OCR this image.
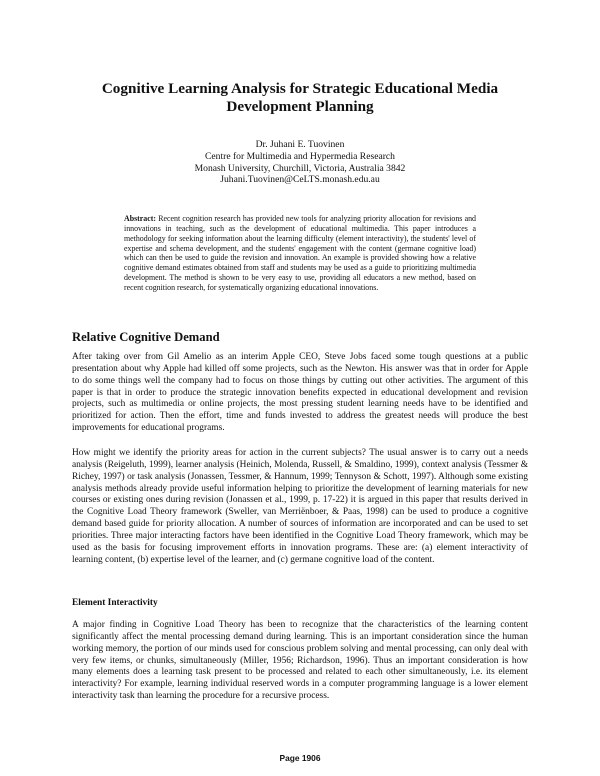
Cognitive Learning Analysis for Strategic Educational Media Development Planning
Dr. Juhani E. Tuovinen
Centre for Multimedia and Hypermedia Research
Monash University, Churchill, Victoria, Australia 3842
Juhani.Tuovinen@CeLTS.monash.edu.au

Abstract: Recent cognition research has provided new tools for analyzing priority allocation for revisions and innovations in teaching, such as the development of educational multimedia. This paper introduces a methodology for seeking information about the learning difficulty (element interactivity), the students' level of expertise and schema development, and the students' engagement with the content (germane cognitive load) which can then be used to guide the revision and innovation. An example is provided showing how a relative cognitive demand estimates obtained from staff and students may be used as a guide to prioritizing multimedia development. The method is shown to be very easy to use, providing all educators a new method, based on recent cognition research, for systematically organizing educational innovations.

Relative Cognitive Demand

After taking over from Gil Amelio as an interim Apple CEO, Steve Jobs faced some tough questions at a public presentation about why Apple had killed off some projects, such as the Newton. His answer was that in order for Apple to do some things well the company had to focus on those things by cutting out other activities. The argument of this paper is that in order to produce the strategic innovation benefits expected in educational development and revision projects, such as multimedia or online projects, the most pressing student learning needs have to be identified and prioritized for action. Then the effort, time and funds invested to address the greatest needs will produce the best improvements for educational programs.

How might we identify the priority areas for action in the current subjects? The usual answer is to carry out a needs analysis (Reigeluth, 1999), learner analysis (Heinich, Molenda, Russell, & Smaldino, 1999), context analysis (Tessmer & Richey, 1997) or task analysis (Jonassen, Tessmer, & Hannum, 1999; Tennyson & Schott, 1997). Although some existing analysis methods already provide useful information helping to prioritize the development of learning materials for new courses or existing ones during revision (Jonassen et al., 1999, p. 17-22) it is argued in this paper that results derived in the Cognitive Load Theory framework (Sweller, van Merriënboer, & Paas, 1998) can be used to produce a cognitive demand based guide for priority allocation. A number of sources of information are incorporated and can be used to set priorities. Three major interacting factors have been identified in the Cognitive Load Theory framework, which may be used as the basis for focusing improvement efforts in innovation programs. These are: (a) element interactivity of learning content, (b) expertise level of the learner, and (c) germane cognitive load of the content.

Element Interactivity

A major finding in Cognitive Load Theory has been to recognize that the characteristics of the learning content significantly affect the mental processing demand during learning. This is an important consideration since the human working memory, the portion of our minds used for conscious problem solving and mental processing, can only deal with very few items, or chunks, simultaneously (Miller, 1956; Richardson, 1996). Thus an important consideration is how many elements does a learning task present to be processed and related to each other simultaneously, i.e. its element interactivity? For example, learning individual reserved words in a computer programming language is a lower element interactivity task than learning the procedure for a recursive process.

Page 1906
